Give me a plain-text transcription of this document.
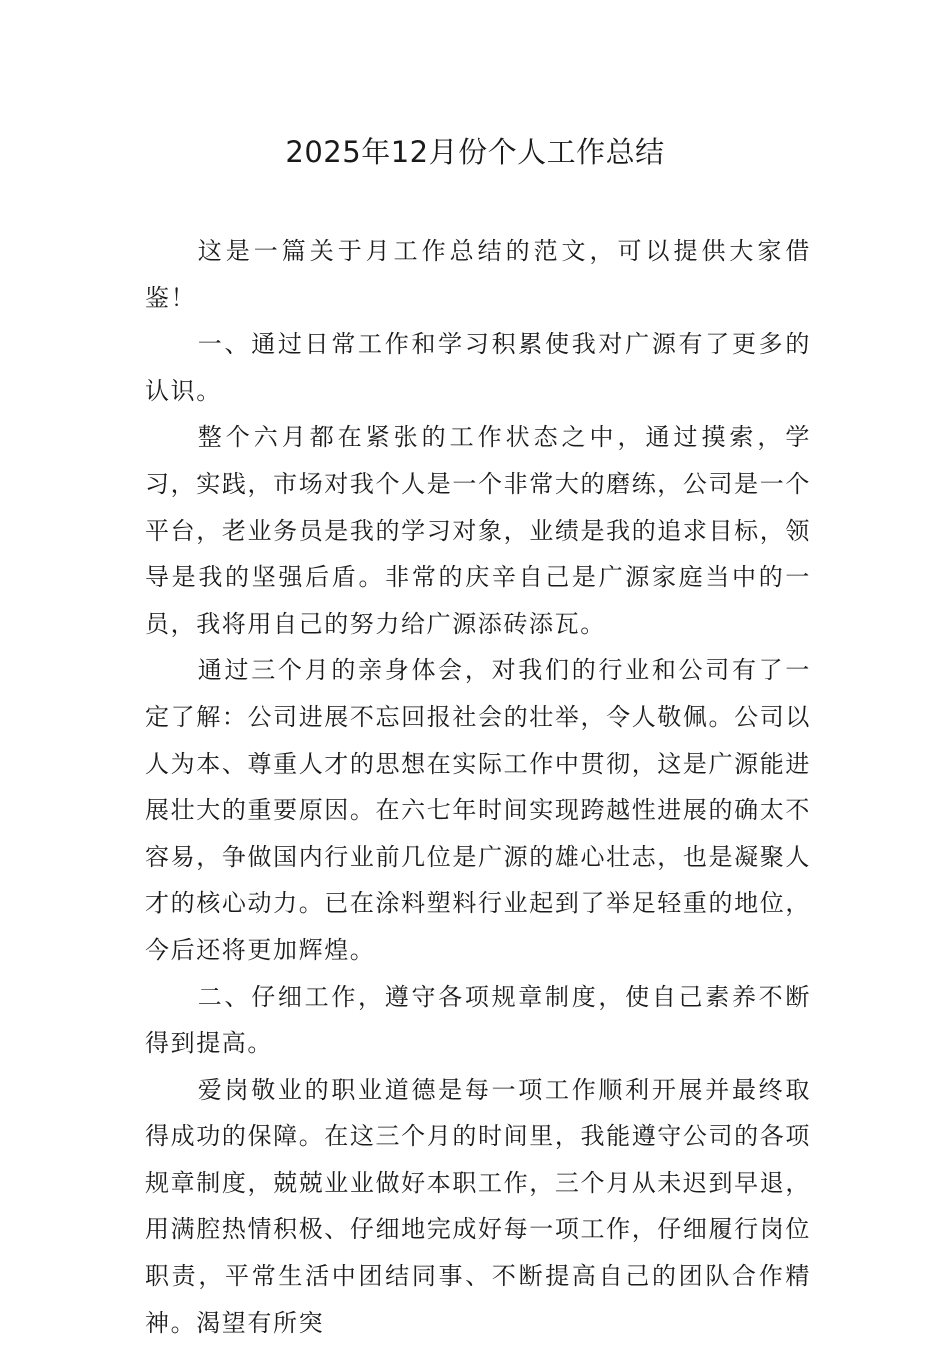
2025年12月份个人工作总结

这是一篇关于月工作总结的范文，可以提供大家借鉴！

一、通过日常工作和学习积累使我对广源有了更多的认识。

整个六月都在紧张的工作状态之中，通过摸索，学习，实践，市场对我个人是一个非常大的磨练，公司是一个平台，老业务员是我的学习对象，业绩是我的追求目标，领导是我的坚强后盾。非常的庆辛自己是广源家庭当中的一员，我将用自己的努力给广源添砖添瓦。

通过三个月的亲身体会，对我们的行业和公司有了一定了解：公司进展不忘回报社会的壮举，令人敬佩。公司以人为本、尊重人才的思想在实际工作中贯彻，这是广源能进展壮大的重要原因。在六七年时间实现跨越性进展的确太不容易，争做国内行业前几位是广源的雄心壮志，也是凝聚人才的核心动力。已在涂料塑料行业起到了举足轻重的地位，今后还将更加辉煌。

二、仔细工作，遵守各项规章制度，使自己素养不断得到提高。

爱岗敬业的职业道德是每一项工作顺利开展并最终取得成功的保障。在这三个月的时间里，我能遵守公司的各项规章制度，兢兢业业做好本职工作，三个月从未迟到早退，用满腔热情积极、仔细地完成好每一项工作，仔细履行岗位职责，平常生活中团结同事、不断提高自己的团队合作精神。渴望有所突
